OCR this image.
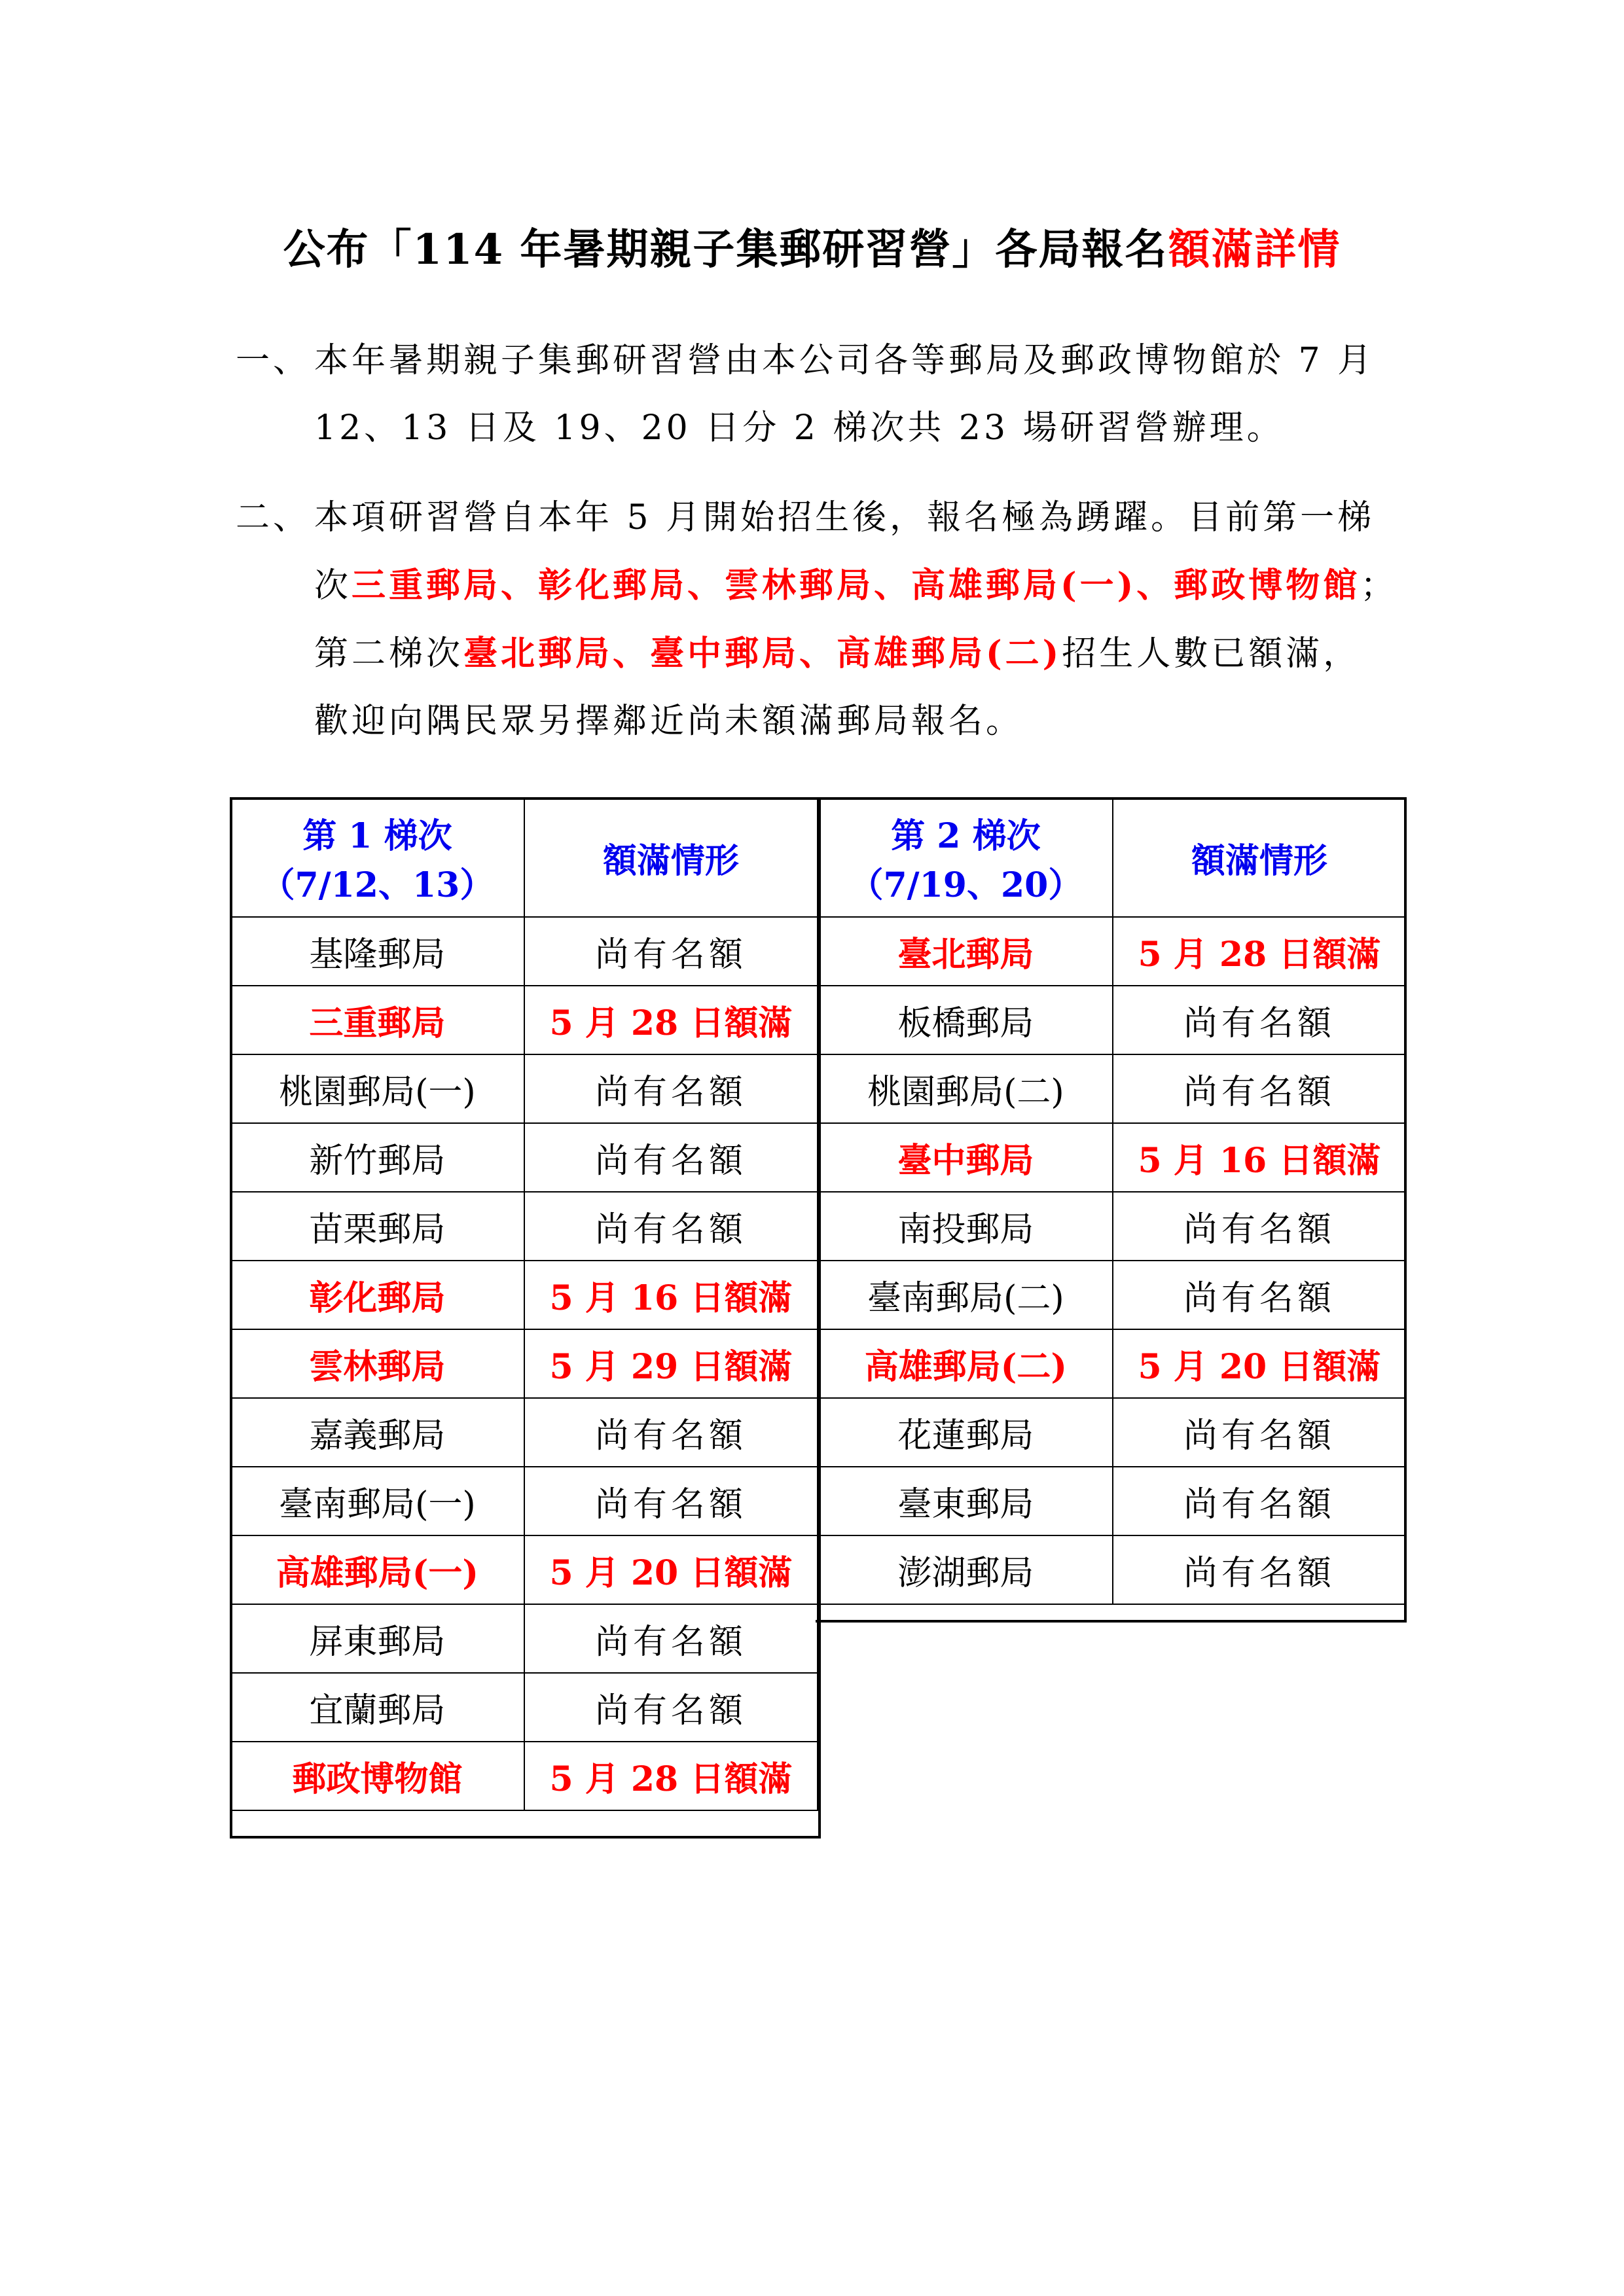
公布「114 年暑期親子集郵研習營」各局報名額滿詳情
一、 本年暑期親子集郵研習營由本公司各等郵局及郵政博物館於 7 月
12、13 日及 19、20 日分 2 梯次共 23 場研習營辦理。
二、 本項研習營自本年 5 月開始招生後，報名極為踴躍。目前第一梯
次三重郵局、彰化郵局、雲林郵局、高雄郵局(一)、郵政博物館；
第二梯次臺北郵局、臺中郵局、高雄郵局(二)招生人數已額滿，
歡迎向隅民眾另擇鄰近尚未額滿郵局報名。
第 1 梯次
（7/12、13）	額滿情形
基隆郵局	尚有名額
三重郵局	5 月 28 日額滿
桃園郵局(一)	尚有名額
新竹郵局	尚有名額
苗栗郵局	尚有名額
彰化郵局	5 月 16 日額滿
雲林郵局	5 月 29 日額滿
嘉義郵局	尚有名額
臺南郵局(一)	尚有名額
高雄郵局(一)	5 月 20 日額滿
屏東郵局	尚有名額
宜蘭郵局	尚有名額
郵政博物館	5 月 28 日額滿
第 2 梯次
（7/19、20）	額滿情形
臺北郵局	5 月 28 日額滿
板橋郵局	尚有名額
桃園郵局(二)	尚有名額
臺中郵局	5 月 16 日額滿
南投郵局	尚有名額
臺南郵局(二)	尚有名額
高雄郵局(二)	5 月 20 日額滿
花蓮郵局	尚有名額
臺東郵局	尚有名額
澎湖郵局	尚有名額
